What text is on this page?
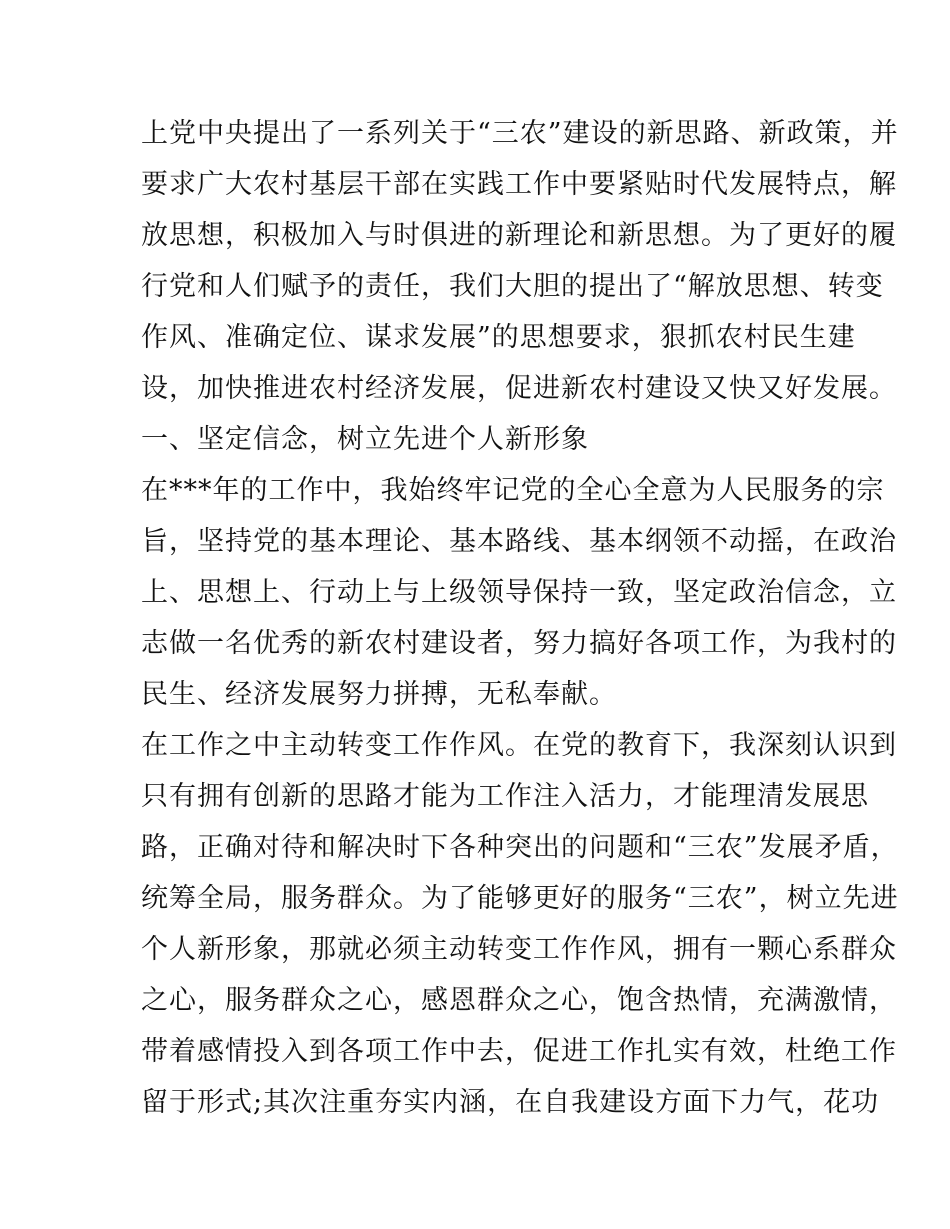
上党中央提出了一系列关于“三农”建设的新思路、新政策，并
要求广大农村基层干部在实践工作中要紧贴时代发展特点，解
放思想，积极加入与时俱进的新理论和新思想。为了更好的履
行党和人们赋予的责任，我们大胆的提出了“解放思想、转变
作风、准确定位、谋求发展”的思想要求，狠抓农村民生建
设，加快推进农村经济发展，促进新农村建设又快又好发展。
一、坚定信念，树立先进个人新形象
在***年的工作中，我始终牢记党的全心全意为人民服务的宗
旨，坚持党的基本理论、基本路线、基本纲领不动摇，在政治
上、思想上、行动上与上级领导保持一致，坚定政治信念，立
志做一名优秀的新农村建设者，努力搞好各项工作，为我村的
民生、经济发展努力拼搏，无私奉献。
在工作之中主动转变工作作风。在党的教育下，我深刻认识到
只有拥有创新的思路才能为工作注入活力，才能理清发展思
路，正确对待和解决时下各种突出的问题和“三农”发展矛盾，
统筹全局，服务群众。为了能够更好的服务“三农”，树立先进
个人新形象，那就必须主动转变工作作风，拥有一颗心系群众
之心，服务群众之心，感恩群众之心，饱含热情，充满激情，
带着感情投入到各项工作中去，促进工作扎实有效，杜绝工作
留于形式;其次注重夯实内涵，在自我建设方面下力气，花功
